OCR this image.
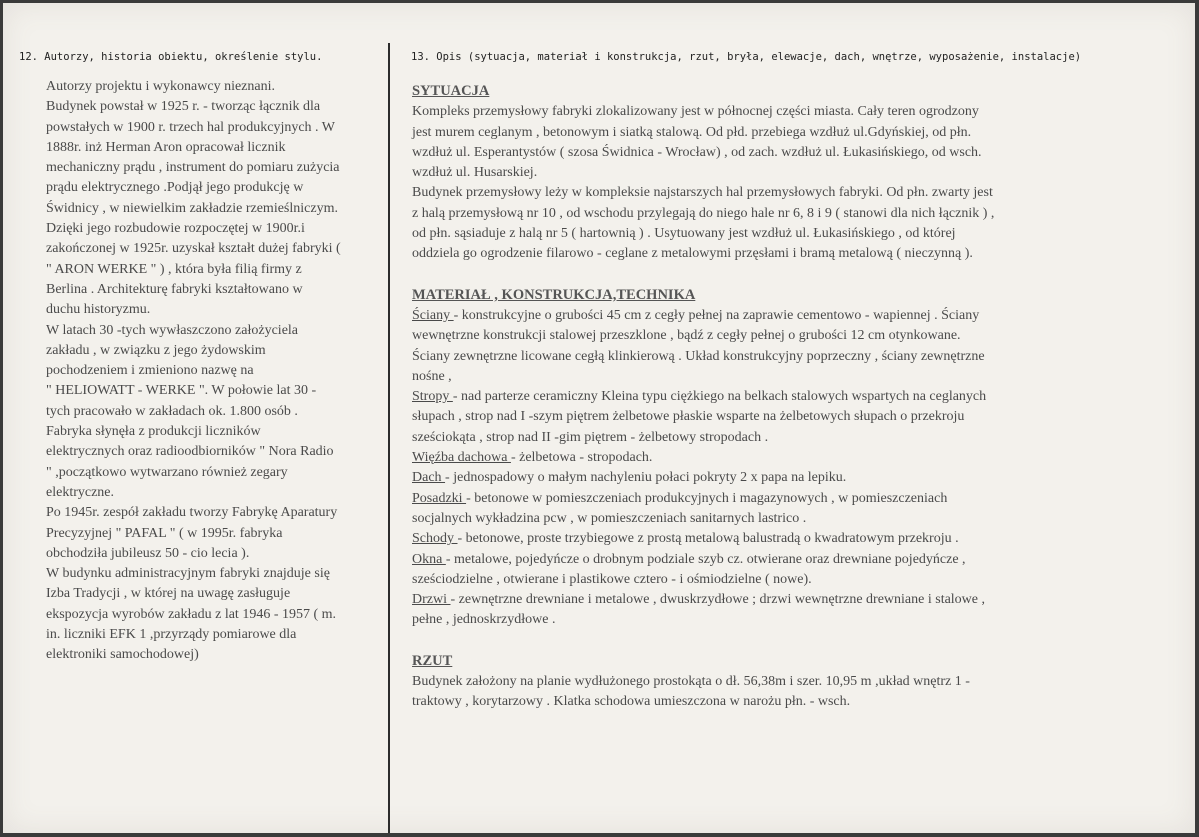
12. Autorzy, historia obiektu, określenie stylu.	13. Opis (sytuacja, materiał i konstrukcja, rzut, bryła, elewacje, dach, wnętrze, wyposażenie, instalacje)

Autorzy projektu i wykonawcy nieznani.

Budynek powstał w 1925 r. - tworząc łącznik dla

powstałych w 1900 r. trzech hal produkcyjnych . W

1888r. inż Herman Aron opracował licznik

mechaniczny prądu , instrument do pomiaru zużycia

prądu elektrycznego .Podjął jego produkcję w

Świdnicy , w niewielkim zakładzie rzemieślniczym.

Dzięki jego rozbudowie rozpoczętej w 1900r.i

zakończonej w 1925r. uzyskał kształt dużej fabryki (

" ARON WERKE " ) , która była filią firmy z

Berlina . Architekturę fabryki kształtowano w

duchu historyzmu.

W latach 30 -tych wywłaszczono założyciela

zakładu , w związku z jego żydowskim

pochodzeniem i zmieniono nazwę na

" HELIOWATT - WERKE ". W połowie lat 30 -

tych pracowało w zakładach ok. 1.800 osób .

Fabryka słynęła z produkcji liczników

elektrycznych oraz radioodbiorników " Nora Radio

" ,początkowo wytwarzano również zegary

elektryczne.

Po 1945r. zespół zakładu tworzy Fabrykę Aparatury

Precyzyjnej " PAFAL " ( w 1995r. fabryka

obchodziła jubileusz 50 - cio lecia ).

W budynku administracyjnym fabryki znajduje się

Izba Tradycji , w której na uwagę zasługuje

ekspozycja wyrobów zakładu z lat 1946 - 1957 ( m.

in. liczniki EFK 1 ,przyrządy pomiarowe dla

elektroniki samochodowej)

SYTUACJA

Kompleks przemysłowy fabryki zlokalizowany jest w północnej części miasta. Cały teren ogrodzony

jest murem ceglanym , betonowym i siatką stalową. Od płd. przebiega wzdłuż ul.Gdyńskiej, od płn.

wzdłuż ul. Esperantystów ( szosa Świdnica - Wrocław) , od zach. wzdłuż ul. Łukasińskiego, od wsch.

wzdłuż ul. Husarskiej.

Budynek przemysłowy leży w kompleksie najstarszych hal przemysłowych fabryki. Od płn. zwarty jest

z halą przemysłową nr 10 , od wschodu przylegają do niego hale nr 6, 8 i 9 ( stanowi dla nich łącznik ) ,

od płn. sąsiaduje z halą nr 5 ( hartownią ) . Usytuowany jest wzdłuż ul. Łukasińskiego , od której

oddziela go ogrodzenie filarowo - ceglane z metalowymi przęsłami i bramą metalową ( nieczynną ).

MATERIAŁ , KONSTRUKCJA,TECHNIKA

Ściany - konstrukcyjne o grubości 45 cm z cegły pełnej na zaprawie cementowo - wapiennej . Ściany

wewnętrzne konstrukcji stalowej przeszklone , bądź z cegły pełnej o grubości 12 cm otynkowane.

Ściany zewnętrzne licowane cegłą klinkierową . Układ konstrukcyjny poprzeczny , ściany zewnętrzne

nośne ,

Stropy - nad parterze ceramiczny Kleina typu ciężkiego na belkach stalowych wspartych na ceglanych

słupach , strop nad I -szym piętrem żelbetowe płaskie wsparte na żelbetowych słupach o przekroju

sześciokąta , strop nad II -gim piętrem - żelbetowy stropodach .

Więźba dachowa - żelbetowa - stropodach.

Dach - jednospadowy o małym nachyleniu połaci pokryty 2 x papa na lepiku.

Posadzki - betonowe w pomieszczeniach produkcyjnych i magazynowych , w pomieszczeniach

socjalnych wykładzina pcw , w pomieszczeniach sanitarnych lastrico .

Schody - betonowe, proste trzybiegowe z prostą metalową balustradą o kwadratowym przekroju .

Okna - metalowe, pojedyńcze o drobnym podziale szyb cz. otwierane oraz drewniane pojedyńcze ,

sześciodzielne , otwierane i plastikowe cztero - i ośmiodzielne ( nowe).

Drzwi - zewnętrzne drewniane i metalowe , dwuskrzydłowe ; drzwi wewnętrzne drewniane i stalowe ,

pełne , jednoskrzydłowe .

RZUT

Budynek założony na planie wydłużonego prostokąta o dł. 56,38m i szer. 10,95 m ,układ wnętrz 1 -

traktowy , korytarzowy . Klatka schodowa umieszczona w narożu płn. - wsch.
